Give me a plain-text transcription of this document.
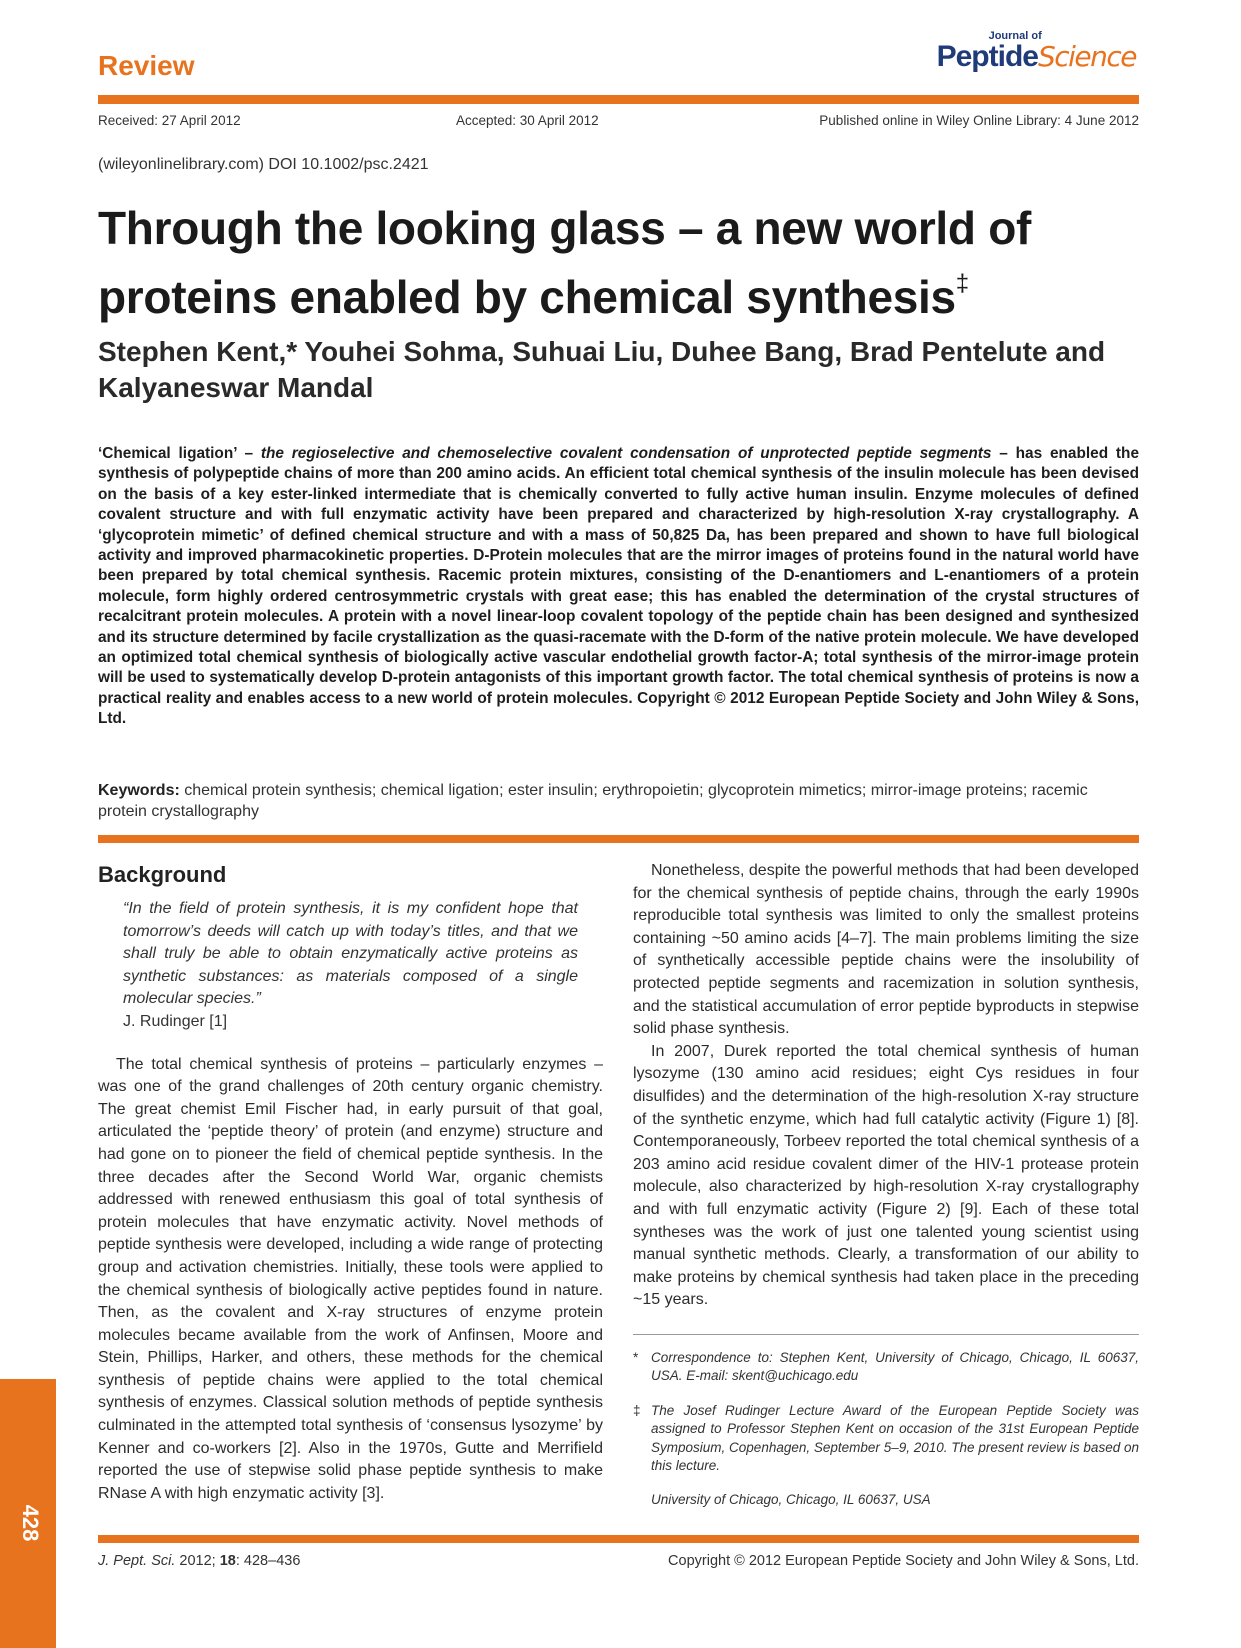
Review
Journal of
PeptideScience
Received: 27 April 2012	Accepted: 30 April 2012	Published online in Wiley Online Library: 4 June 2012
(wileyonlinelibrary.com) DOI 10.1002/psc.2421
Through the looking glass – a new world of proteins enabled by chemical synthesis‡
Stephen Kent,* Youhei Sohma, Suhuai Liu, Duhee Bang, Brad Pentelute and Kalyaneswar Mandal
‘Chemical ligation’ – the regioselective and chemoselective covalent condensation of unprotected peptide segments – has enabled the synthesis of polypeptide chains of more than 200 amino acids. An efficient total chemical synthesis of the insulin molecule has been devised on the basis of a key ester-linked intermediate that is chemically converted to fully active human insulin. Enzyme molecules of defined covalent structure and with full enzymatic activity have been prepared and characterized by high-resolution X-ray crystallography. A ‘glycoprotein mimetic’ of defined chemical structure and with a mass of 50,825 Da, has been prepared and shown to have full biological activity and improved pharmacokinetic properties. D-Protein molecules that are the mirror images of proteins found in the natural world have been prepared by total chemical synthesis. Racemic protein mixtures, consisting of the D-enantiomers and L-enantiomers of a protein molecule, form highly ordered centrosymmetric crystals with great ease; this has enabled the determination of the crystal structures of recalcitrant protein molecules. A protein with a novel linear-loop covalent topology of the peptide chain has been designed and synthesized and its structure determined by facile crystallization as the quasi-racemate with the D-form of the native protein molecule. We have developed an optimized total chemical synthesis of biologically active vascular endothelial growth factor-A; total synthesis of the mirror-image protein will be used to systematically develop D-protein antagonists of this important growth factor. The total chemical synthesis of proteins is now a practical reality and enables access to a new world of protein molecules. Copyright © 2012 European Peptide Society and John Wiley & Sons, Ltd.
Keywords: chemical protein synthesis; chemical ligation; ester insulin; erythropoietin; glycoprotein mimetics; mirror-image proteins; racemic protein crystallography
Background
“In the field of protein synthesis, it is my confident hope that tomorrow’s deeds will catch up with today’s titles, and that we shall truly be able to obtain enzymatically active proteins as synthetic substances: as materials composed of a single molecular species.”
J. Rudinger [1]

The total chemical synthesis of proteins – particularly enzymes – was one of the grand challenges of 20th century organic chemistry. The great chemist Emil Fischer had, in early pursuit of that goal, articulated the ‘peptide theory’ of protein (and enzyme) structure and had gone on to pioneer the field of chemical peptide synthesis. In the three decades after the Second World War, organic chemists addressed with renewed enthusiasm this goal of total synthesis of protein molecules that have enzymatic activity. Novel methods of peptide synthesis were developed, including a wide range of protecting group and activation chemistries. Initially, these tools were applied to the chemical synthesis of biologically active peptides found in nature. Then, as the covalent and X-ray structures of enzyme protein molecules became available from the work of Anfinsen, Moore and Stein, Phillips, Harker, and others, these methods for the chemical synthesis of peptide chains were applied to the total chemical synthesis of enzymes. Classical solution methods of peptide synthesis culminated in the attempted total synthesis of ‘consensus lysozyme’ by Kenner and co-workers [2]. Also in the 1970s, Gutte and Merrifield reported the use of stepwise solid phase peptide synthesis to make RNase A with high enzymatic activity [3].

Nonetheless, despite the powerful methods that had been developed for the chemical synthesis of peptide chains, through the early 1990s reproducible total synthesis was limited to only the smallest proteins containing ~50 amino acids [4–7]. The main problems limiting the size of synthetically accessible peptide chains were the insolubility of protected peptide segments and racemization in solution synthesis, and the statistical accumulation of error peptide byproducts in stepwise solid phase synthesis.

In 2007, Durek reported the total chemical synthesis of human lysozyme (130 amino acid residues; eight Cys residues in four disulfides) and the determination of the high-resolution X-ray structure of the synthetic enzyme, which had full catalytic activity (Figure 1) [8]. Contemporaneously, Torbeev reported the total chemical synthesis of a 203 amino acid residue covalent dimer of the HIV-1 protease protein molecule, also characterized by high-resolution X-ray crystallography and with full enzymatic activity (Figure 2) [9]. Each of these total syntheses was the work of just one talented young scientist using manual synthetic methods. Clearly, a transformation of our ability to make proteins by chemical synthesis had taken place in the preceding ~15 years.

* Correspondence to: Stephen Kent, University of Chicago, Chicago, IL 60637, USA. E-mail: skent@uchicago.edu
‡ The Josef Rudinger Lecture Award of the European Peptide Society was assigned to Professor Stephen Kent on occasion of the 31st European Peptide Symposium, Copenhagen, September 5–9, 2010. The present review is based on this lecture.
University of Chicago, Chicago, IL 60637, USA
428
J. Pept. Sci. 2012; 18: 428–436	Copyright © 2012 European Peptide Society and John Wiley & Sons, Ltd.
